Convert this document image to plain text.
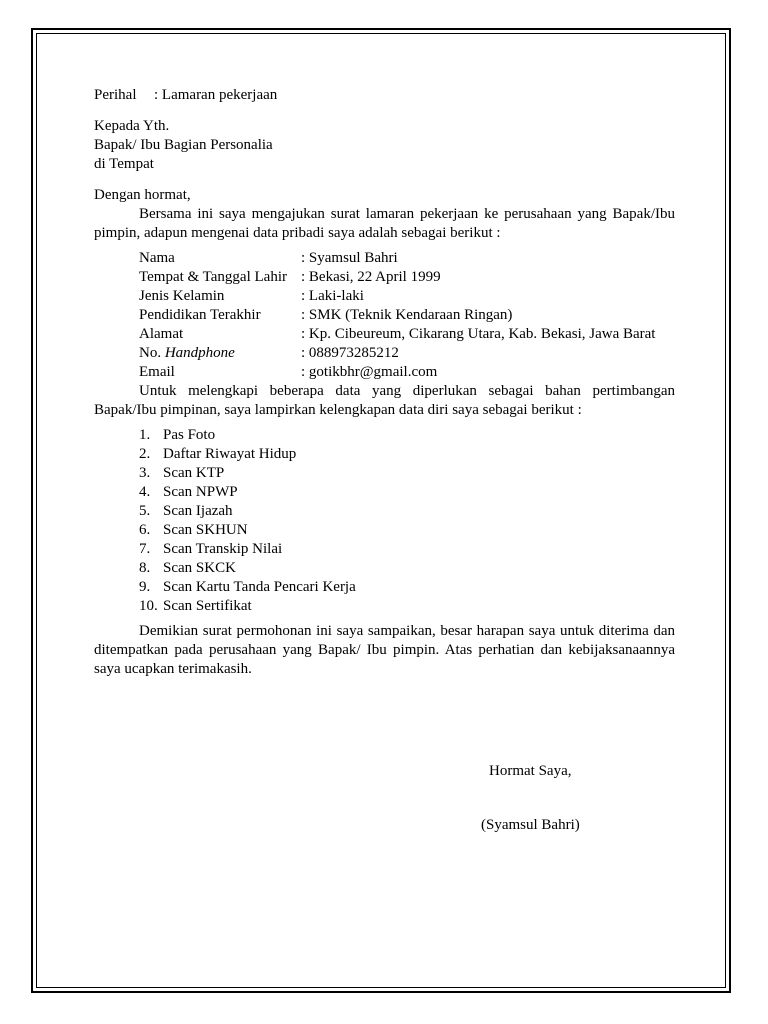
Perihal : Lamaran pekerjaan
Kepada Yth.
Bapak/ Ibu Bagian Personalia
di Tempat
Dengan hormat,
Bersama ini saya mengajukan surat lamaran pekerjaan ke perusahaan yang Bapak/Ibu pimpin, adapun mengenai data pribadi saya adalah sebagai berikut :
Nama	: Syamsul Bahri
Tempat & Tanggal Lahir : Bekasi, 22 April 1999
Jenis Kelamin	: Laki-laki
Pendidikan Terakhir	: SMK (Teknik Kendaraan Ringan)
Alamat	: Kp. Cibeureum, Cikarang Utara, Kab. Bekasi, Jawa Barat
No. Handphone	: 088973285212
Email	: gotikbhr@gmail.com
Untuk melengkapi beberapa data yang diperlukan sebagai bahan pertimbangan Bapak/Ibu pimpinan, saya lampirkan kelengkapan data diri saya sebagai berikut :
1. Pas Foto
2. Daftar Riwayat Hidup
3. Scan KTP
4. Scan NPWP
5. Scan Ijazah
6. Scan SKHUN
7. Scan Transkip Nilai
8. Scan SKCK
9. Scan Kartu Tanda Pencari Kerja
10. Scan Sertifikat
Demikian surat permohonan ini saya sampaikan, besar harapan saya untuk diterima dan ditempatkan pada perusahaan yang Bapak/ Ibu pimpin. Atas perhatian dan kebijaksanaannya saya ucapkan terimakasih.
Hormat Saya,
(Syamsul Bahri)
